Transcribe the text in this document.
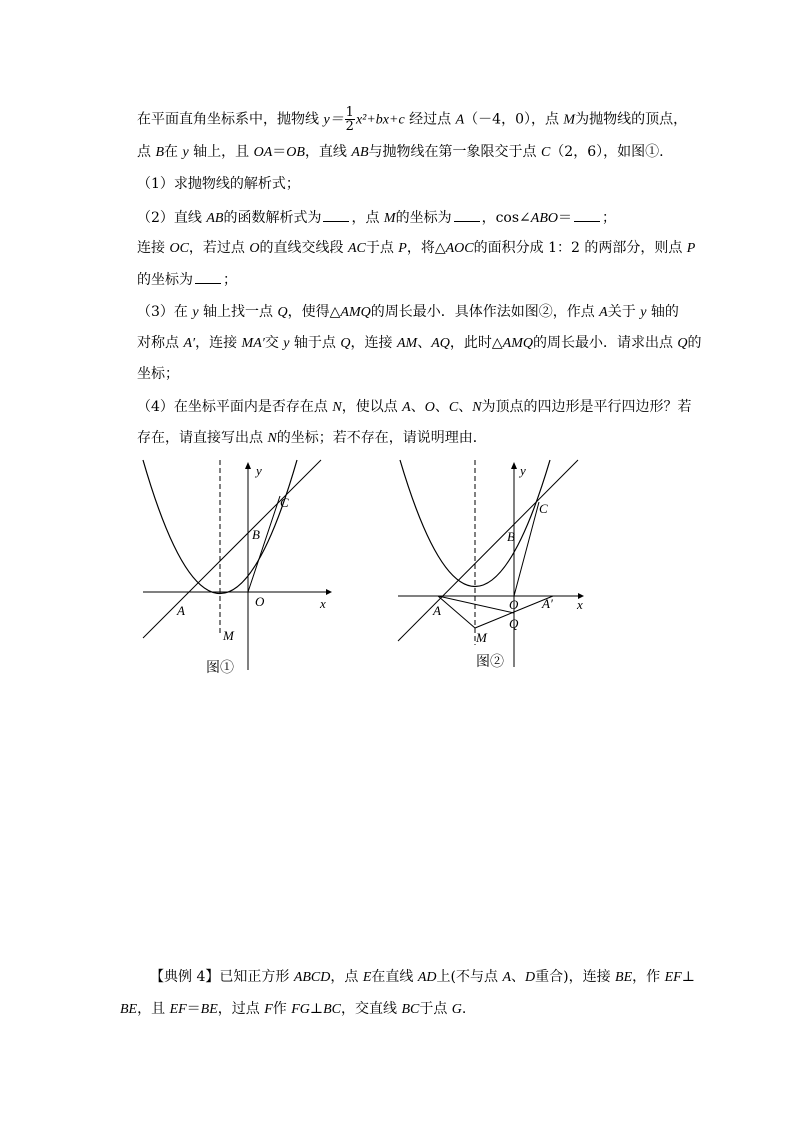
在平面直角坐标系中，抛物线 $y= \frac{1}{2} x^2+bx+c$ 经过点 A（－4，0），点 M为抛物线的顶点，
点 B在 y 轴上，且 OA＝OB，直线 AB与抛物线在第一象限交于点 C（2，6），如图①.
（1）求抛物线的解析式；
（2）直线 AB的函数解析式为 ，点 M的坐标为 ，cos∠ABO＝ ；
连接 OC，若过点 O的直线交线段 AC于点 P，将△AOC的面积分成 1：2 的两部分，则点 P
的坐标为 ；
（3）在 y 轴上找一点 Q，使得△AMQ的周长最小．具体作法如图②，作点 A关于 y 轴的
对称点 A′，连接 MA′交 y 轴于点 Q，连接 AM、AQ，此时△AMQ的周长最小．请求出点 Q的
坐标；
（4）在坐标平面内是否存在点 N，使以点 A、O、C、N为顶点的四边形是平行四边形？若
存在，请直接写出点 N的坐标；若不存在，请说明理由．
y
x
C
B
O
A
M
图①
y
x
C
B
O
A	A′
Q
M
图②
【典例 4】已知正方形 ABCD，点 E在直线 AD上(不与点 A、D重合)，连接 BE，作 EF⊥
BE，且 EF＝BE，过点 F作 FG⊥BC，交直线 BC于点 G.
